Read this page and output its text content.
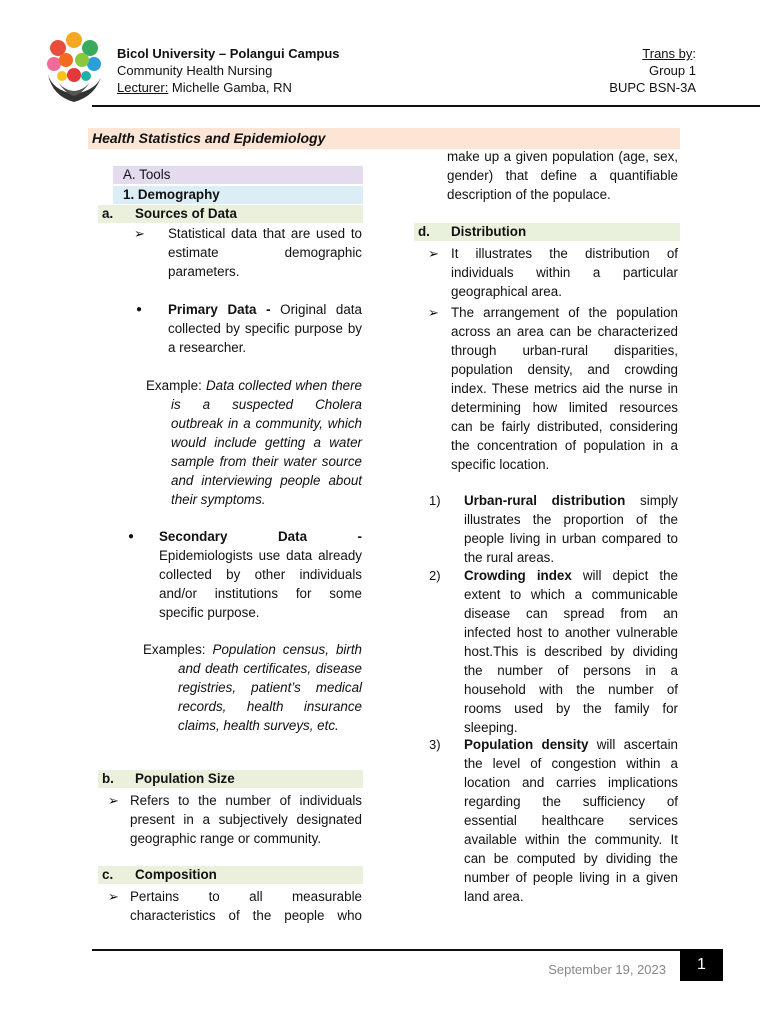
Bicol University – Polangui Campus
Community Health Nursing
Lecturer: Michelle Gamba, RN
Trans by:
Group 1
BUPC BSN-3A
Health Statistics and Epidemiology
A. Tools
1. Demography
a. Sources of Data
➢ Statistical data that are used to estimate demographic parameters.
● Primary Data - Original data collected by specific purpose by a researcher.
Example: Data collected when there is a suspected Cholera outbreak in a community, which would include getting a water sample from their water source and interviewing people about their symptoms.
● Secondary Data - Epidemiologists use data already collected by other individuals and/or institutions for some specific purpose.
Examples: Population census, birth and death certificates, disease registries, patient’s medical records, health insurance claims, health surveys, etc.
b. Population Size
➢ Refers to the number of individuals present in a subjectively designated geographic range or community.
c. Composition
➢ Pertains to all measurable characteristics of the people who
make up a given population (age, sex, gender) that define a quantifiable description of the populace.
d. Distribution
➢ It illustrates the distribution of individuals within a particular geographical area.
➢ The arrangement of the population across an area can be characterized through urban-rural disparities, population density, and crowding index. These metrics aid the nurse in determining how limited resources can be fairly distributed, considering the concentration of population in a specific location.
1) Urban-rural distribution simply illustrates the proportion of the people living in urban compared to the rural areas.
2) Crowding index will depict the extent to which a communicable disease can spread from an infected host to another vulnerable host.This is described by dividing the number of persons in a household with the number of rooms used by the family for sleeping.
3) Population density will ascertain the level of congestion within a location and carries implications regarding the sufficiency of essential healthcare services available within the community. It can be computed by dividing the number of people living in a given land area.
September 19, 2023	1
